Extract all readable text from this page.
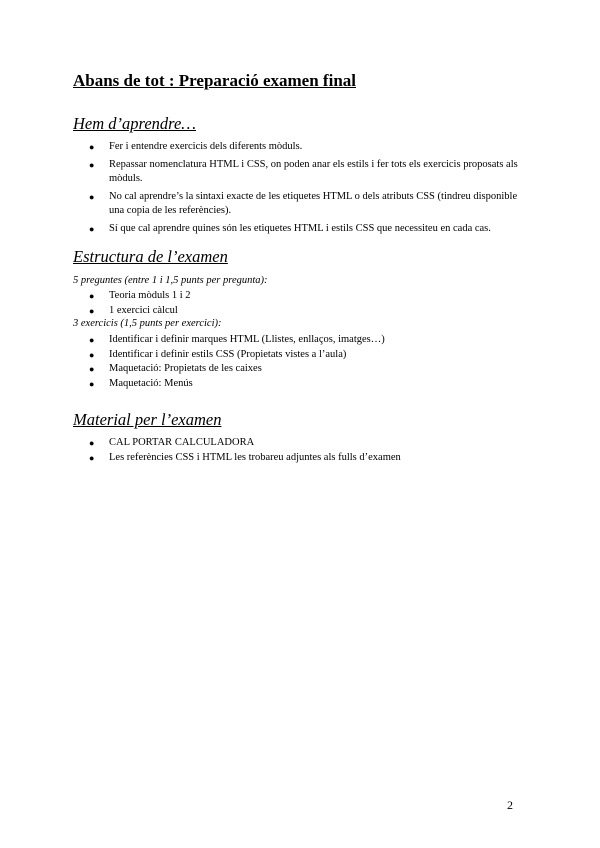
Abans de tot : Preparació examen final
Hem d’aprendre…
● Fer i entendre exercicis dels diferents mòduls.
● Repassar nomenclatura HTML i CSS, on poden anar els estils i fer tots els exercicis proposats als mòduls.
● No cal aprendre’s la sintaxi exacte de les etiquetes HTML o dels atributs CSS (tindreu disponible una copia de les referències).
● Sí que cal aprendre quines són les etiquetes HTML i estils CSS que necessiteu en cada cas.
Estructura de l’examen
5 preguntes (entre 1 i 1,5 punts per pregunta):
● Teoria mòduls 1 i 2
● 1 exercici càlcul
3 exercicis (1,5 punts per exercici):
● Identificar i definir marques HTML (Llistes, enllaços, imatges…)
● Identificar i definir estils CSS (Propietats vistes a l’aula)
● Maquetació: Propietats de les caixes
● Maquetació: Menús
Material per l’examen
● CAL PORTAR CALCULADORA
● Les referències CSS i HTML les trobareu adjuntes als fulls d’examen
2
